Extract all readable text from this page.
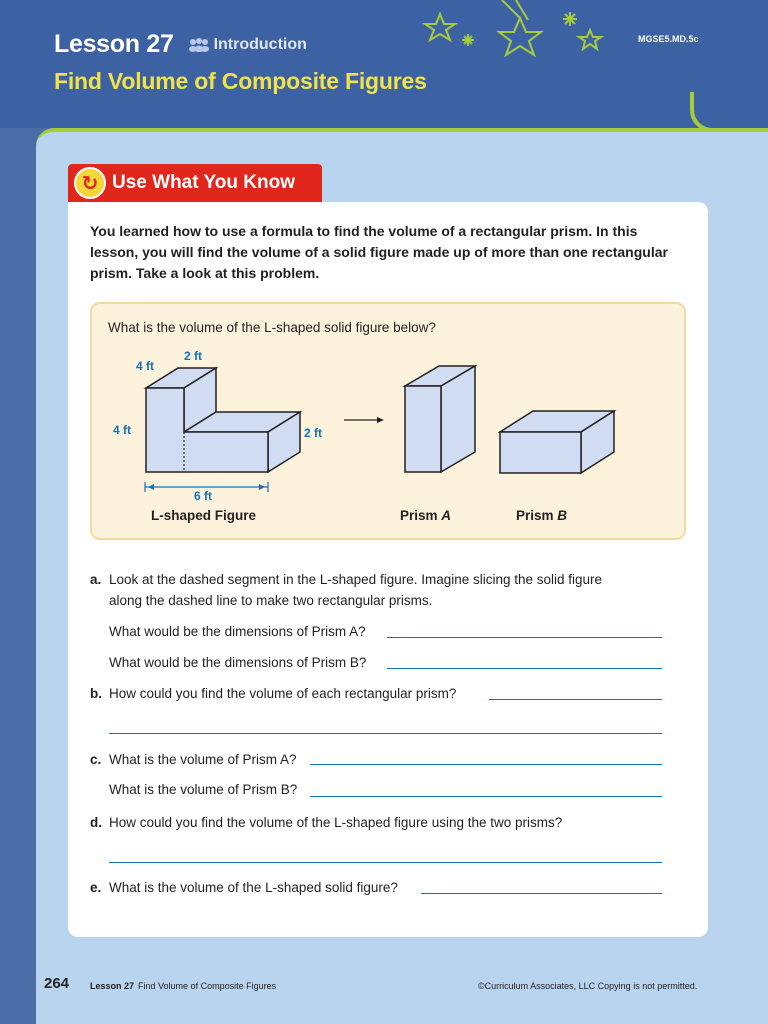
Lesson 27	Introduction
Find Volume of Composite Figures
MGSE5.MD.5c
↻ Use What You Know
You learned how to use a formula to find the volume of a rectangular prism. In this lesson, you will find the volume of a solid figure made up of more than one rectangular prism. Take a look at this problem.
What is the volume of the L-shaped solid figure below?
2 ft
4 ft
4 ft	2 ft
6 ft
L-shaped Figure	Prism A	Prism B
a. Look at the dashed segment in the L-shaped figure. Imagine slicing the solid figure
along the dashed line to make two rectangular prisms.
What would be the dimensions of Prism A?
What would be the dimensions of Prism B?
b. How could you find the volume of each rectangular prism?
c. What is the volume of Prism A?
What is the volume of Prism B?
d. How could you find the volume of the L-shaped figure using the two prisms?
e. What is the volume of the L-shaped solid figure?
264 Lesson 27 Find Volume of Composite Figures	©Curriculum Associates, LLC Copying is not permitted.
